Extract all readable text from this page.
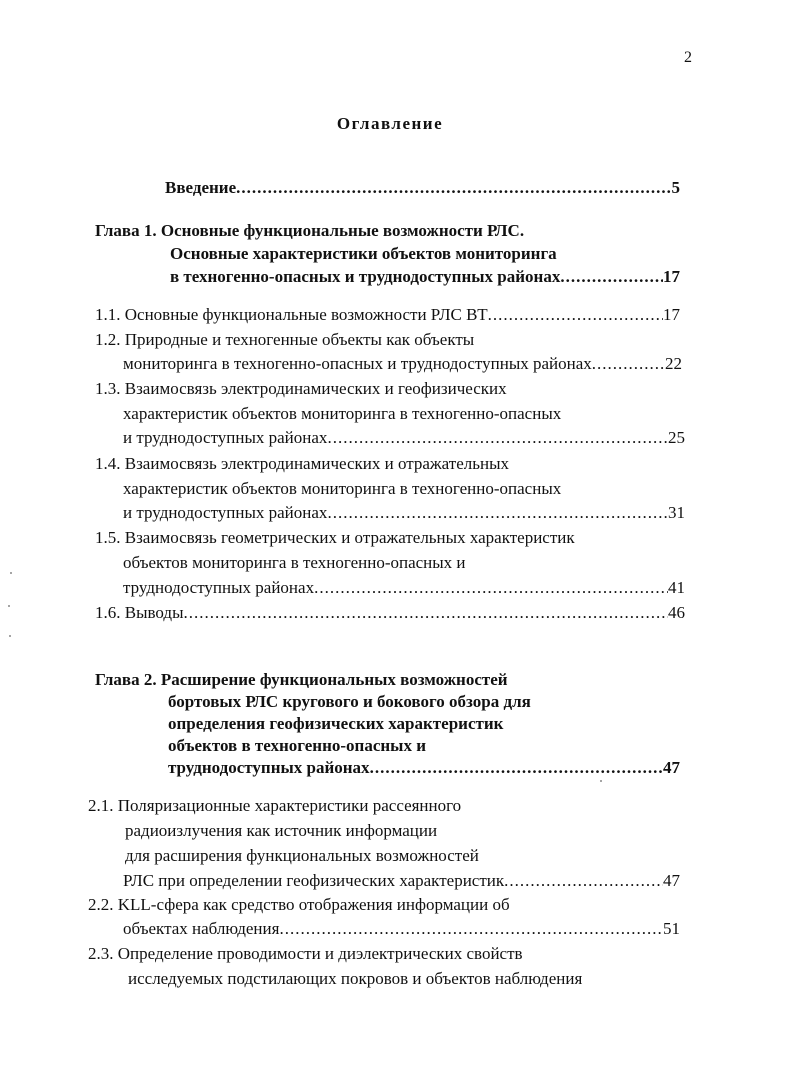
2
Оглавление
Введение .....	5
Глава 1. Основные функциональные возможности РЛС.
Основные характеристики объектов мониторинга
в техногенно-опасных и труднодоступных районах .....	17
1.1. Основные функциональные возможности РЛС ВТ .....	17
1.2. Природные и техногенные объекты как объекты
мониторинга в техногенно-опасных и труднодоступных районах .....	22
1.3. Взаимосвязь электродинамических и геофизических
характеристик объектов мониторинга в техногенно-опасных
и труднодоступных районах .....	25
1.4. Взаимосвязь электродинамических и отражательных
характеристик объектов мониторинга в техногенно-опасных
и труднодоступных районах .....	31
1.5. Взаимосвязь геометрических и отражательных характеристик
объектов мониторинга в техногенно-опасных и
труднодоступных районах .....	41
1.6. Выводы .....	46
Глава 2. Расширение функциональных возможностей
бортовых РЛС кругового и бокового обзора для
определения геофизических характеристик
объектов в техногенно-опасных и
труднодоступных районах .....	47
2.1. Поляризационные характеристики рассеянного
радиоизлучения как источник информации
для расширения функциональных возможностей
РЛС при определении геофизических характеристик .....	47
2.2. KLL-сфера как средство отображения информации об
объектах наблюдения .....	51
2.3. Определение проводимости и диэлектрических свойств
исследуемых подстилающих покровов и объектов наблюдения
